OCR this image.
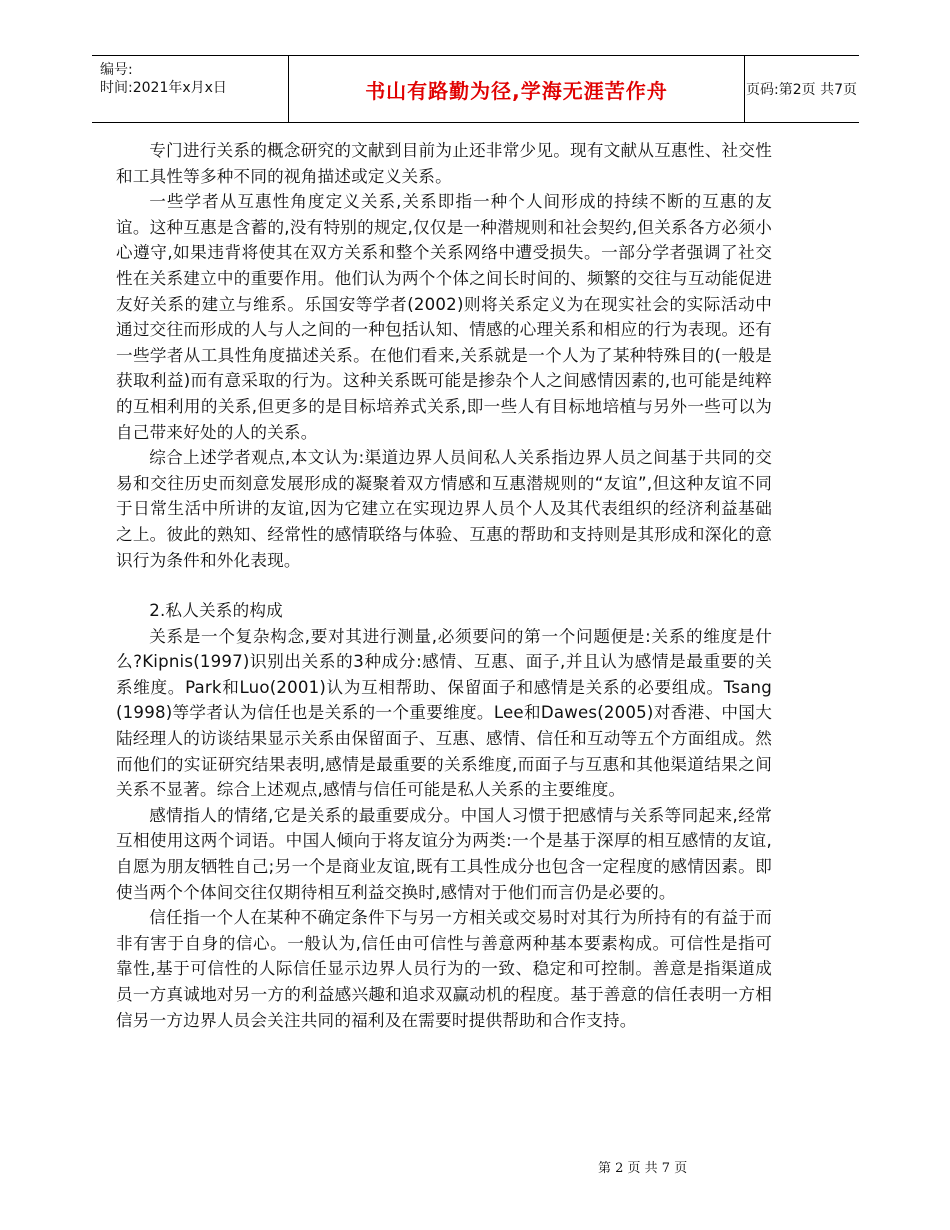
编号:
时间:2021年x月x日	书山有路勤为径,学海无涯苦作舟	页码:第2页 共7页

专门进行关系的概念研究的文献到目前为止还非常少见。现有文献从互惠性、社交性和工具性等多种不同的视角描述或定义关系。

一些学者从互惠性角度定义关系,关系即指一种个人间形成的持续不断的互惠的友谊。这种互惠是含蓄的,没有特别的规定,仅仅是一种潜规则和社会契约,但关系各方必须小心遵守,如果违背将使其在双方关系和整个关系网络中遭受损失。一部分学者强调了社交性在关系建立中的重要作用。他们认为两个个体之间长时间的、频繁的交往与互动能促进友好关系的建立与维系。乐国安等学者(2002)则将关系定义为在现实社会的实际活动中通过交往而形成的人与人之间的一种包括认知、情感的心理关系和相应的行为表现。还有一些学者从工具性角度描述关系。在他们看来,关系就是一个人为了某种特殊目的(一般是获取利益)而有意采取的行为。这种关系既可能是掺杂个人之间感情因素的,也可能是纯粹的互相利用的关系,但更多的是目标培养式关系,即一些人有目标地培植与另外一些可以为自己带来好处的人的关系。

综合上述学者观点,本文认为:渠道边界人员间私人关系指边界人员之间基于共同的交易和交往历史而刻意发展形成的凝聚着双方情感和互惠潜规则的“友谊”,但这种友谊不同于日常生活中所讲的友谊,因为它建立在实现边界人员个人及其代表组织的经济利益基础之上。彼此的熟知、经常性的感情联络与体验、互惠的帮助和支持则是其形成和深化的意识行为条件和外化表现。

2.私人关系的构成

关系是一个复杂构念,要对其进行测量,必须要问的第一个问题便是:关系的维度是什么?Kipnis(1997)识别出关系的3种成分:感情、互惠、面子,并且认为感情是最重要的关系维度。Park和Luo(2001)认为互相帮助、保留面子和感情是关系的必要组成。Tsang (1998)等学者认为信任也是关系的一个重要维度。Lee和Dawes(2005)对香港、中国大陆经理人的访谈结果显示关系由保留面子、互惠、感情、信任和互动等五个方面组成。然而他们的实证研究结果表明,感情是最重要的关系维度,而面子与互惠和其他渠道结果之间关系不显著。综合上述观点,感情与信任可能是私人关系的主要维度。

感情指人的情绪,它是关系的最重要成分。中国人习惯于把感情与关系等同起来,经常互相使用这两个词语。中国人倾向于将友谊分为两类:一个是基于深厚的相互感情的友谊,自愿为朋友牺牲自己;另一个是商业友谊,既有工具性成分也包含一定程度的感情因素。即使当两个个体间交往仅期待相互利益交换时,感情对于他们而言仍是必要的。

信任指一个人在某种不确定条件下与另一方相关或交易时对其行为所持有的有益于而非有害于自身的信心。一般认为,信任由可信性与善意两种基本要素构成。可信性是指可靠性,基于可信性的人际信任显示边界人员行为的一致、稳定和可控制。善意是指渠道成员一方真诚地对另一方的利益感兴趣和追求双赢动机的程度。基于善意的信任表明一方相信另一方边界人员会关注共同的福利及在需要时提供帮助和合作支持。

第 2 页 共 7 页
